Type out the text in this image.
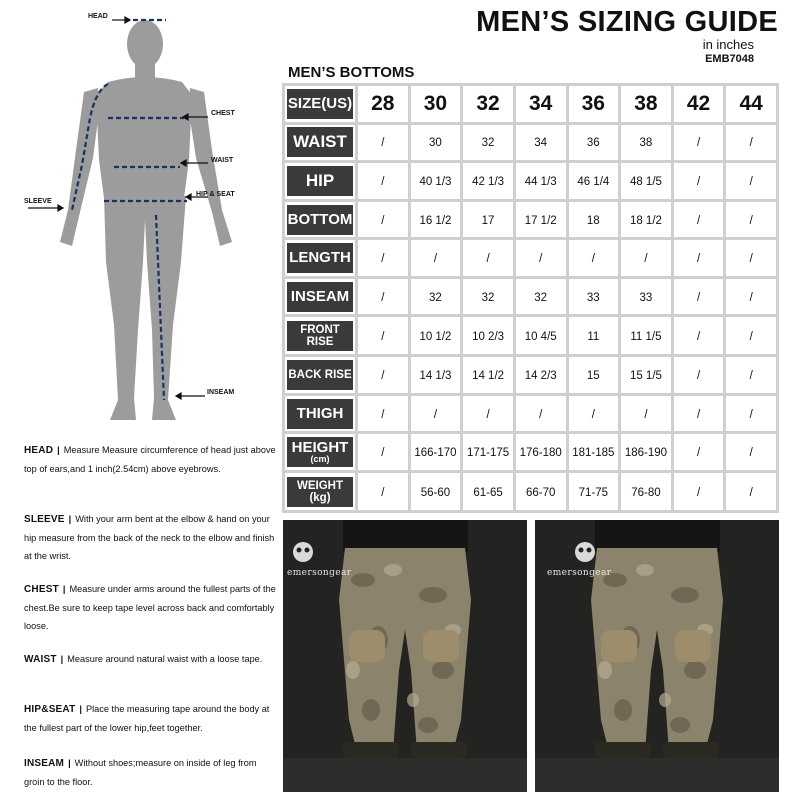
MEN’S SIZING GUIDE
in inches
EMB7048
MEN’S BOTTOMS
HEAD
CHEST
WAIST
HIP & SEAT
SLEEVE
INSEAM
HEAD | Measure Measure circumference of head just above top of ears,and 1 inch(2.54cm) above eyebrows.
SLEEVE | With your arm bent at the elbow & hand on your hip measure from the back of the neck to the elbow and finish at the wrist.
CHEST | Measure under arms around the fullest parts of the chest.Be sure to keep tape level across back and comfortably loose.
WAIST | Measure around natural waist with a loose tape.
HIP&SEAT | Place the measuring tape around the body at the fullest part of the lower hip,feet together.
INSEAM | Without shoes;measure on inside of leg from groin to the floor.
SIZE(US)	28	30	32	34	36	38	42	44
WAIST	/	30	32	34	36	38	/	/
HIP	/	40 1/3	42 1/3	44 1/3	46 1/4	48 1/5	/	/
BOTTOM	/	16 1/2	17	17 1/2	18	18 1/2	/	/
LENGTH	/	/	/	/	/	/	/	/
INSEAM	/	32	32	32	33	33	/	/
FRONT RISE	/	10 1/2	10 2/3	10 4/5	11	11 1/5	/	/
BACK RISE	/	14 1/3	14 1/2	14 2/3	15	15 1/5	/	/
THIGH	/	/	/	/	/	/	/	/

HEIGHT
(cm)	/	166-170	171-175	176-180	181-185	186-190	/	/

WEIGHT
(kg)	/	56-60	61-65	66-70	71-75	76-80	/	/
emersongear	emersongear
